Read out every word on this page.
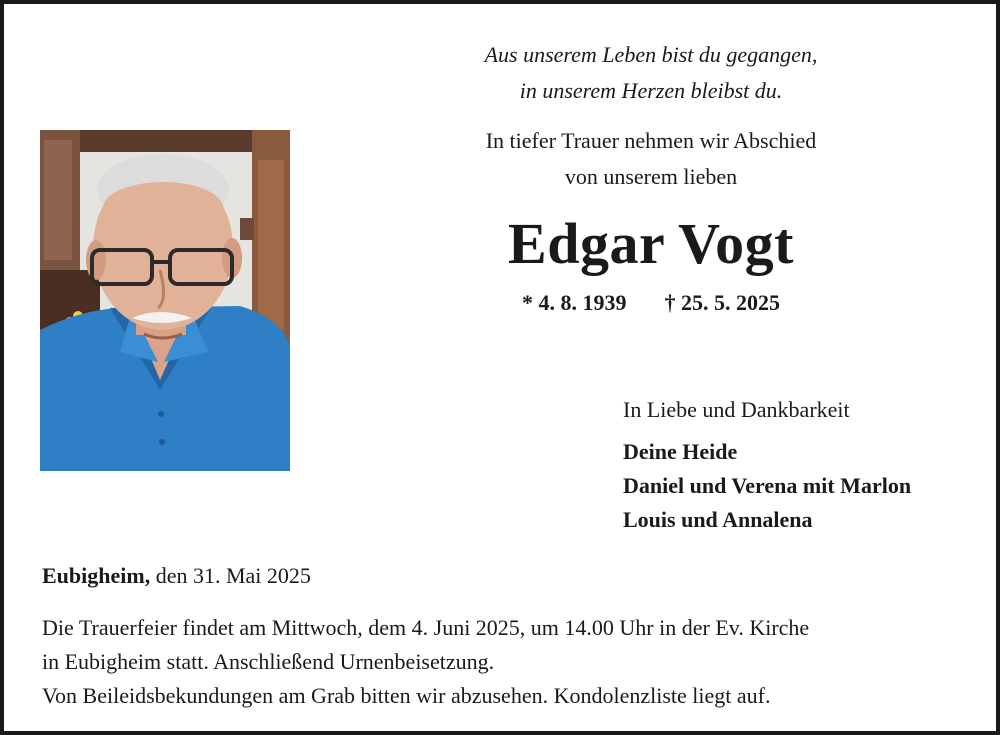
Aus unserem Leben bist du gegangen,
in unserem Herzen bleibst du.
In tiefer Trauer nehmen wir Abschied
von unserem lieben
Edgar Vogt
* 4. 8. 1939 † 25. 5. 2025
In Liebe und Dankbarkeit
Deine Heide
Daniel und Verena mit Marlon
Louis und Annalena
Eubigheim, den 31. Mai 2025
Die Trauerfeier findet am Mittwoch, dem 4. Juni 2025, um 14.00 Uhr in der Ev. Kirche
in Eubigheim statt. Anschließend Urnenbeisetzung.
Von Beileidsbekundungen am Grab bitten wir abzusehen. Kondolenzliste liegt auf.
